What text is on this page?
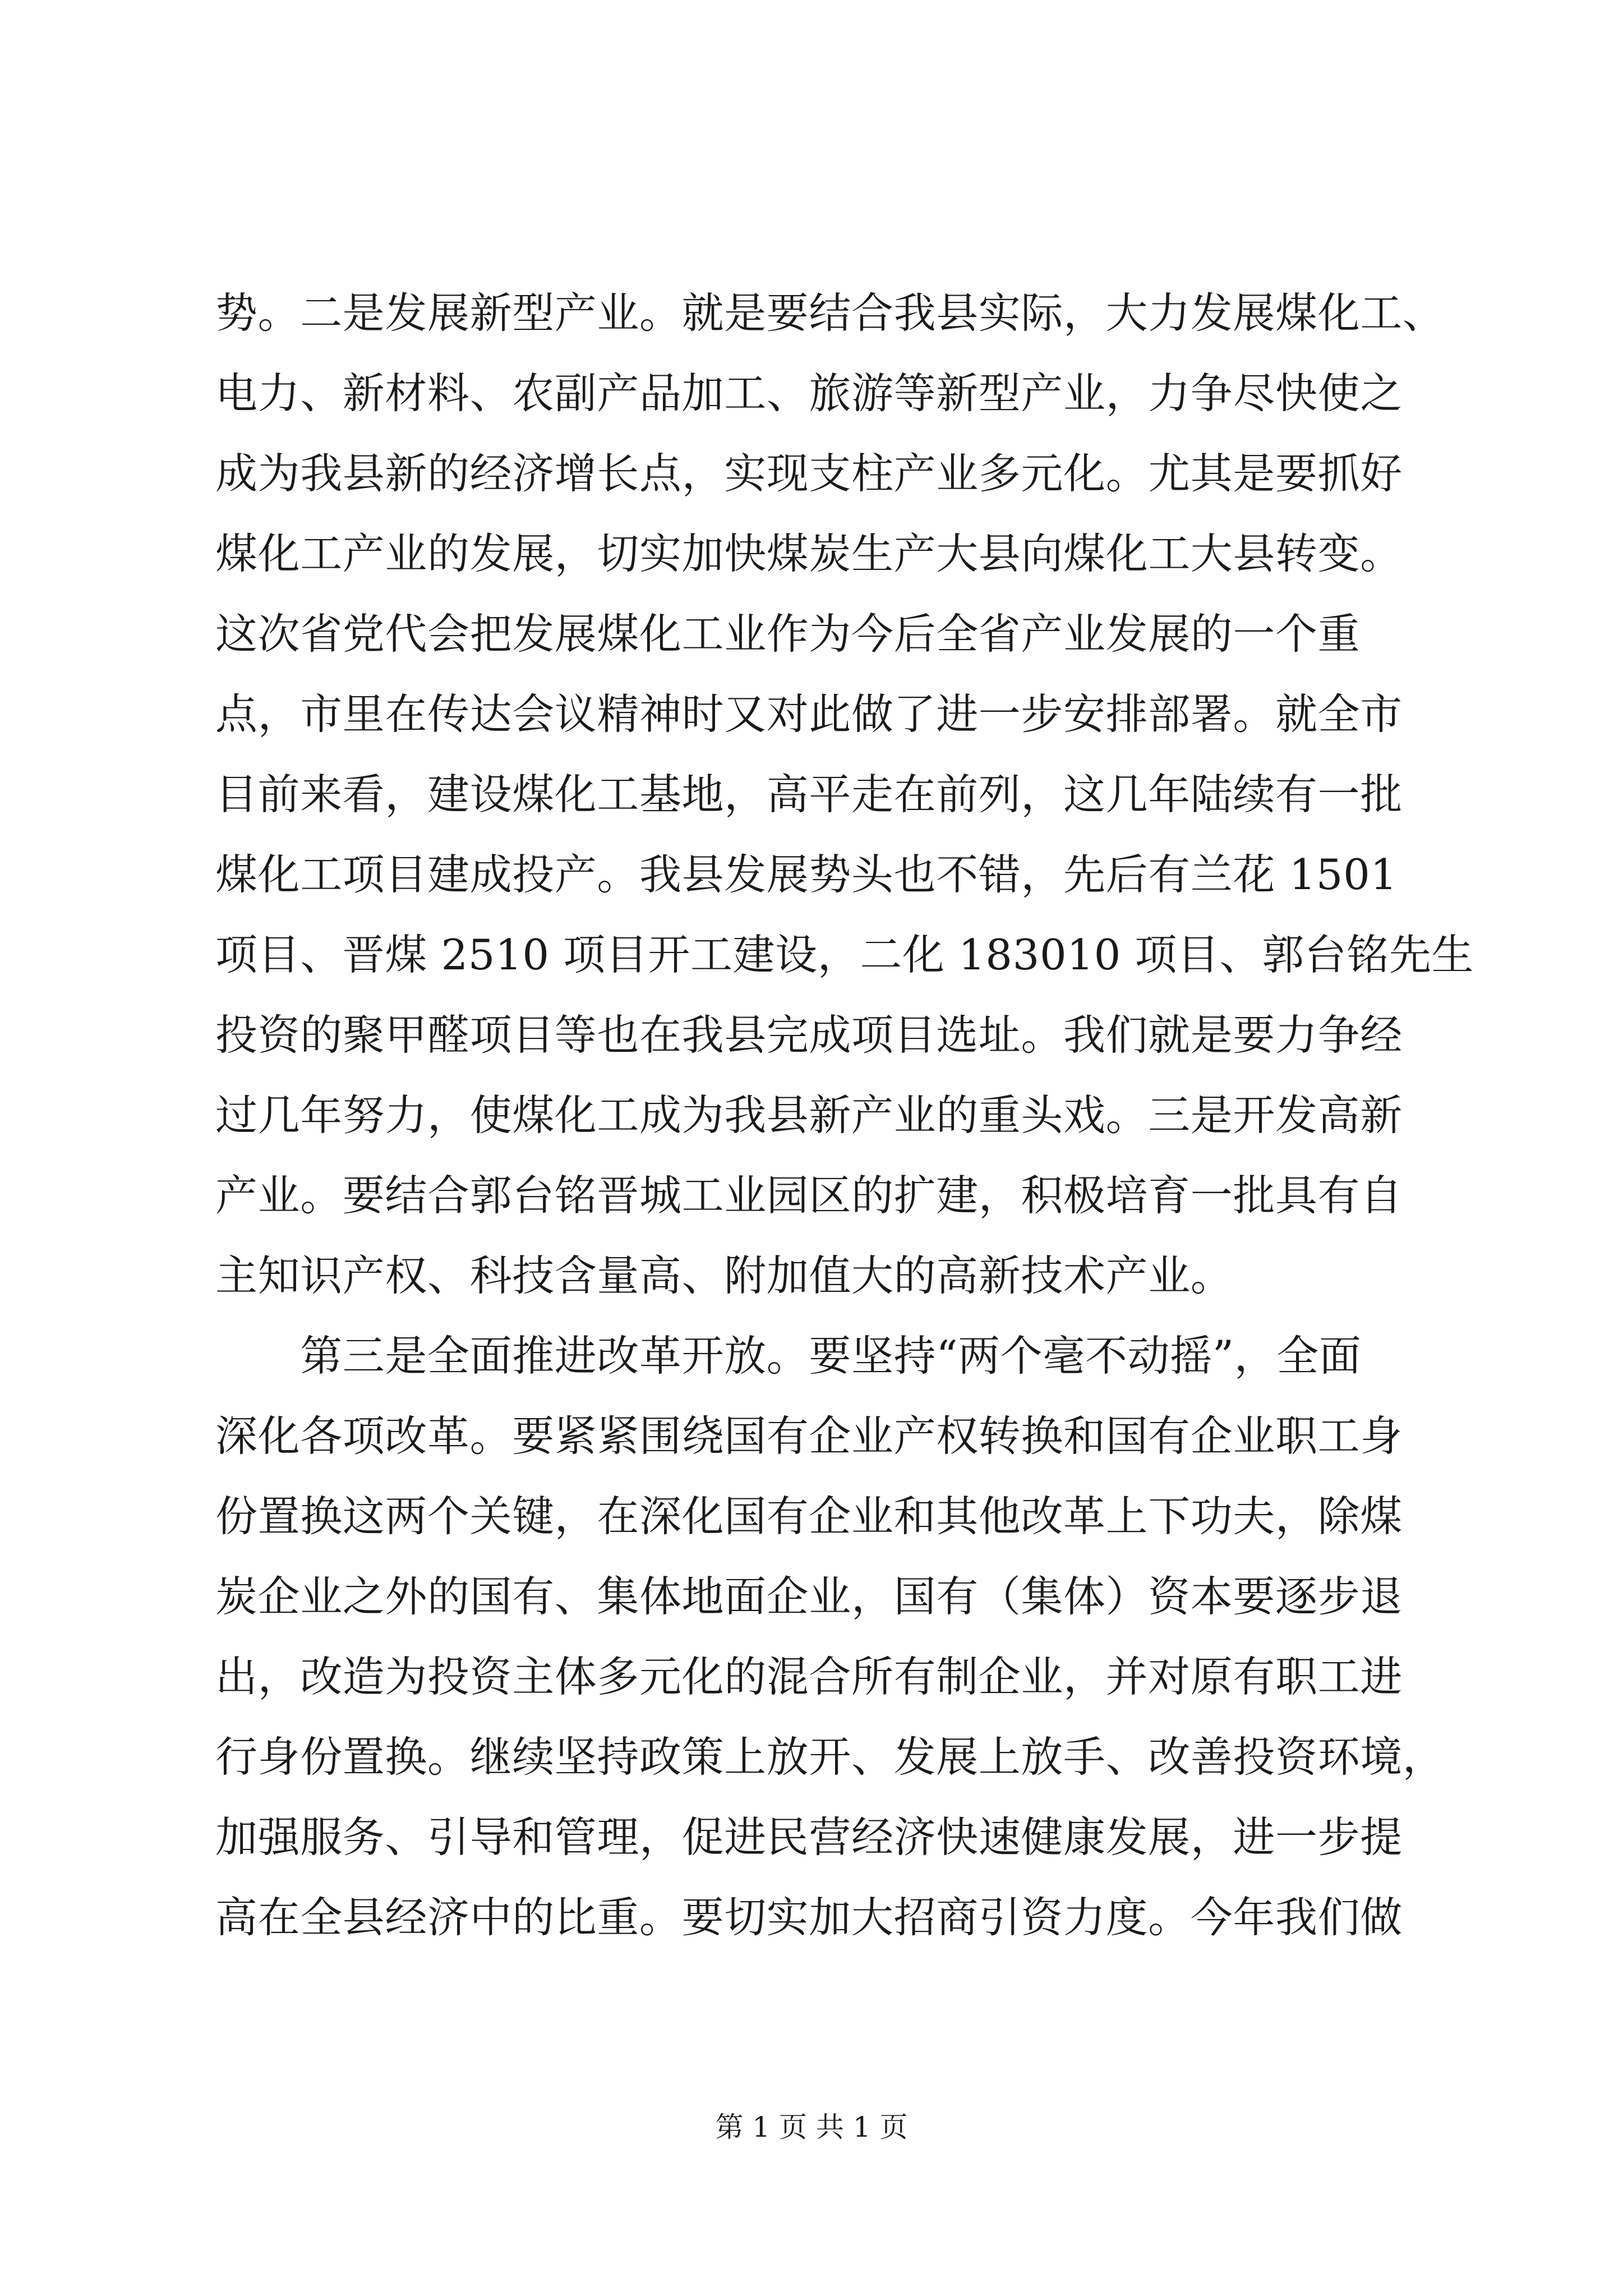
势。二是发展新型产业。就是要结合我县实际，大力发展煤化工、
电力、新材料、农副产品加工、旅游等新型产业，力争尽快使之
成为我县新的经济增长点，实现支柱产业多元化。尤其是要抓好
煤化工产业的发展，切实加快煤炭生产大县向煤化工大县转变。
这次省党代会把发展煤化工业作为今后全省产业发展的一个重
点，市里在传达会议精神时又对此做了进一步安排部署。就全市
目前来看，建设煤化工基地，高平走在前列，这几年陆续有一批
煤化工项目建成投产。我县发展势头也不错，先后有兰花 1501
项目、晋煤 2510 项目开工建设，二化 183010 项目、郭台铭先生
投资的聚甲醛项目等也在我县完成项目选址。我们就是要力争经
过几年努力，使煤化工成为我县新产业的重头戏。三是开发高新
产业。要结合郭台铭晋城工业园区的扩建，积极培育一批具有自
主知识产权、科技含量高、附加值大的高新技术产业。
　　第三是全面推进改革开放。要坚持“两个毫不动摇”，全面
深化各项改革。要紧紧围绕国有企业产权转换和国有企业职工身
份置换这两个关键，在深化国有企业和其他改革上下功夫，除煤
炭企业之外的国有、集体地面企业，国有（集体）资本要逐步退
出，改造为投资主体多元化的混合所有制企业，并对原有职工进
行身份置换。继续坚持政策上放开、发展上放手、改善投资环境，
加强服务、引导和管理，促进民营经济快速健康发展，进一步提
高在全县经济中的比重。要切实加大招商引资力度。今年我们做
第 1 页 共 1 页
